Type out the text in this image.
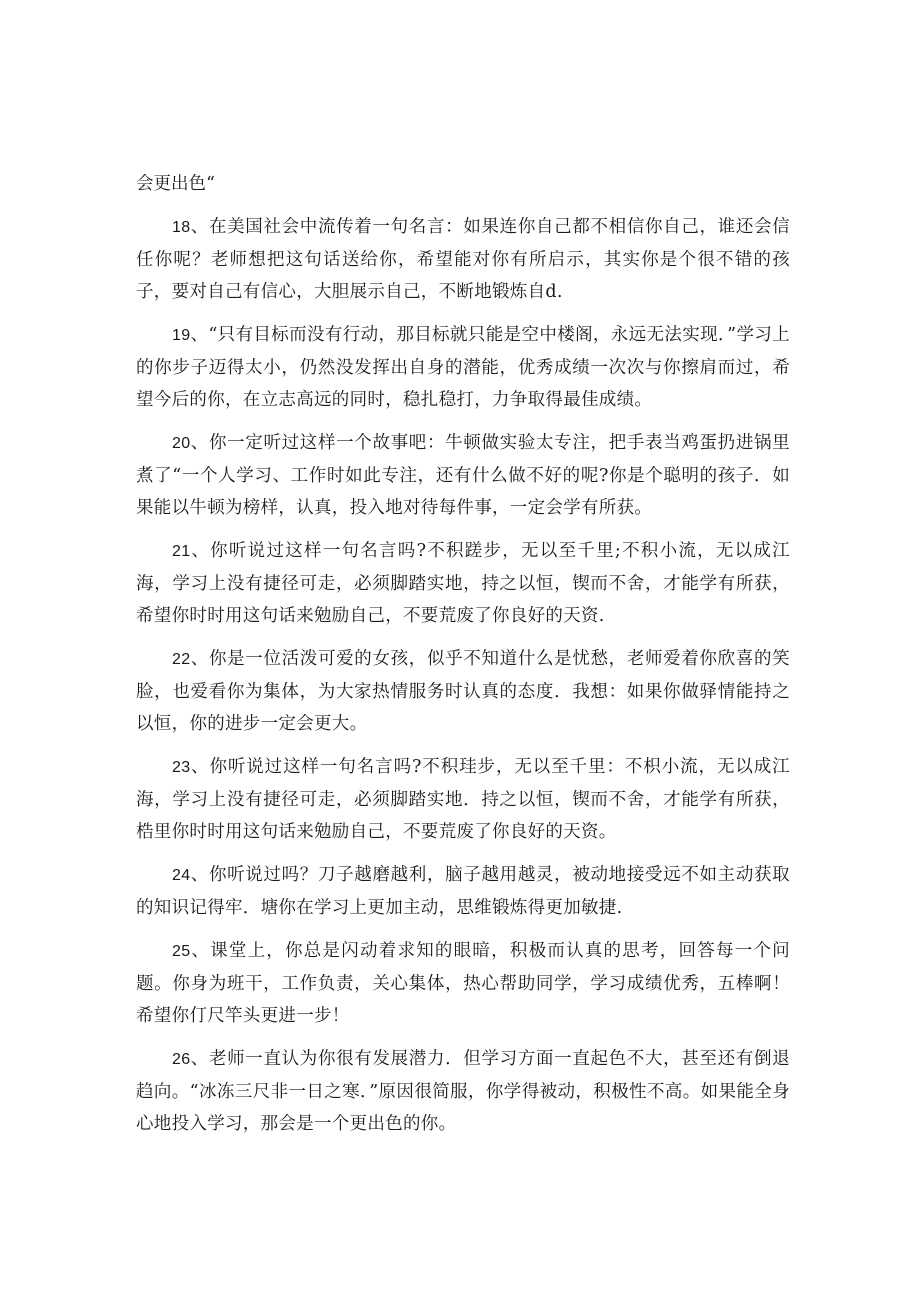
会更出色“

18、在美国社会中流传着一句名言：如果连你自己都不相信你自己，谁还会信任你呢？老师想把这句话送给你，希望能对你有所启示，其实你是个很不错的孩子，要对自己有信心，大胆展示自己，不断地锻炼自d.

19、“只有目标而没有行动，那目标就只能是空中楼阁，永远无法实现．”学习上的你步子迈得太小，仍然没发挥出自身的潜能，优秀成绩一次次与你擦肩而过，希望今后的你，在立志高远的同时，稳扎稳打，力争取得最佳成绩。

20、你一定听过这样一个故事吧：牛顿做实验太专注，把手表当鸡蛋扔进锅里煮了“一个人学习、工作时如此专注，还有什么做不好的呢?你是个聪明的孩子．如果能以牛顿为榜样，认真，投入地对待每件事，一定会学有所获。

21、你听说过这样一句名言吗?不积蹉步，无以至千里;不积小流，无以成江海，学习上没有捷径可走，必须脚踏实地，持之以恒，锲而不舍，才能学有所获，希望你时时用这句话来勉励自己，不要荒废了你良好的天资.

22、你是一位活泼可爱的女孩，似乎不知道什么是忧愁，老师爱着你欣喜的笑脸，也爱看你为集体，为大家热情服务时认真的态度．我想：如果你做驿情能持之以恒，你的进步一定会更大。

23、你听说过这样一句名言吗?不积珪步，无以至千里：不枳小流，无以成江海，学习上没有捷径可走，必须脚踏实地．持之以恒，锲而不舍，才能学有所获，梏里你时时用这句话来勉励自己，不要荒废了你良好的天资。

24、你听说过吗？刀子越磨越利，脑子越用越灵，被动地接受远不如主动获取的知识记得牢．塘你在学习上更加主动，思维锻炼得更加敏捷.

25、课堂上，你总是闪动着求知的眼暗，积极而认真的思考，回答每一个问题。你身为班干，工作负责，关心集体，热心帮助同学，学习成绩优秀，五棒啊！希望你仃尺竿头更进一步！

26、老师一直认为你很有发展潜力．但学习方面一直起色不大，甚至还有倒退趋向。“冰冻三尺非一日之寒．”原因很简服，你学得被动，积极性不高。如果能全身心地投入学习，那会是一个更出色的你。
